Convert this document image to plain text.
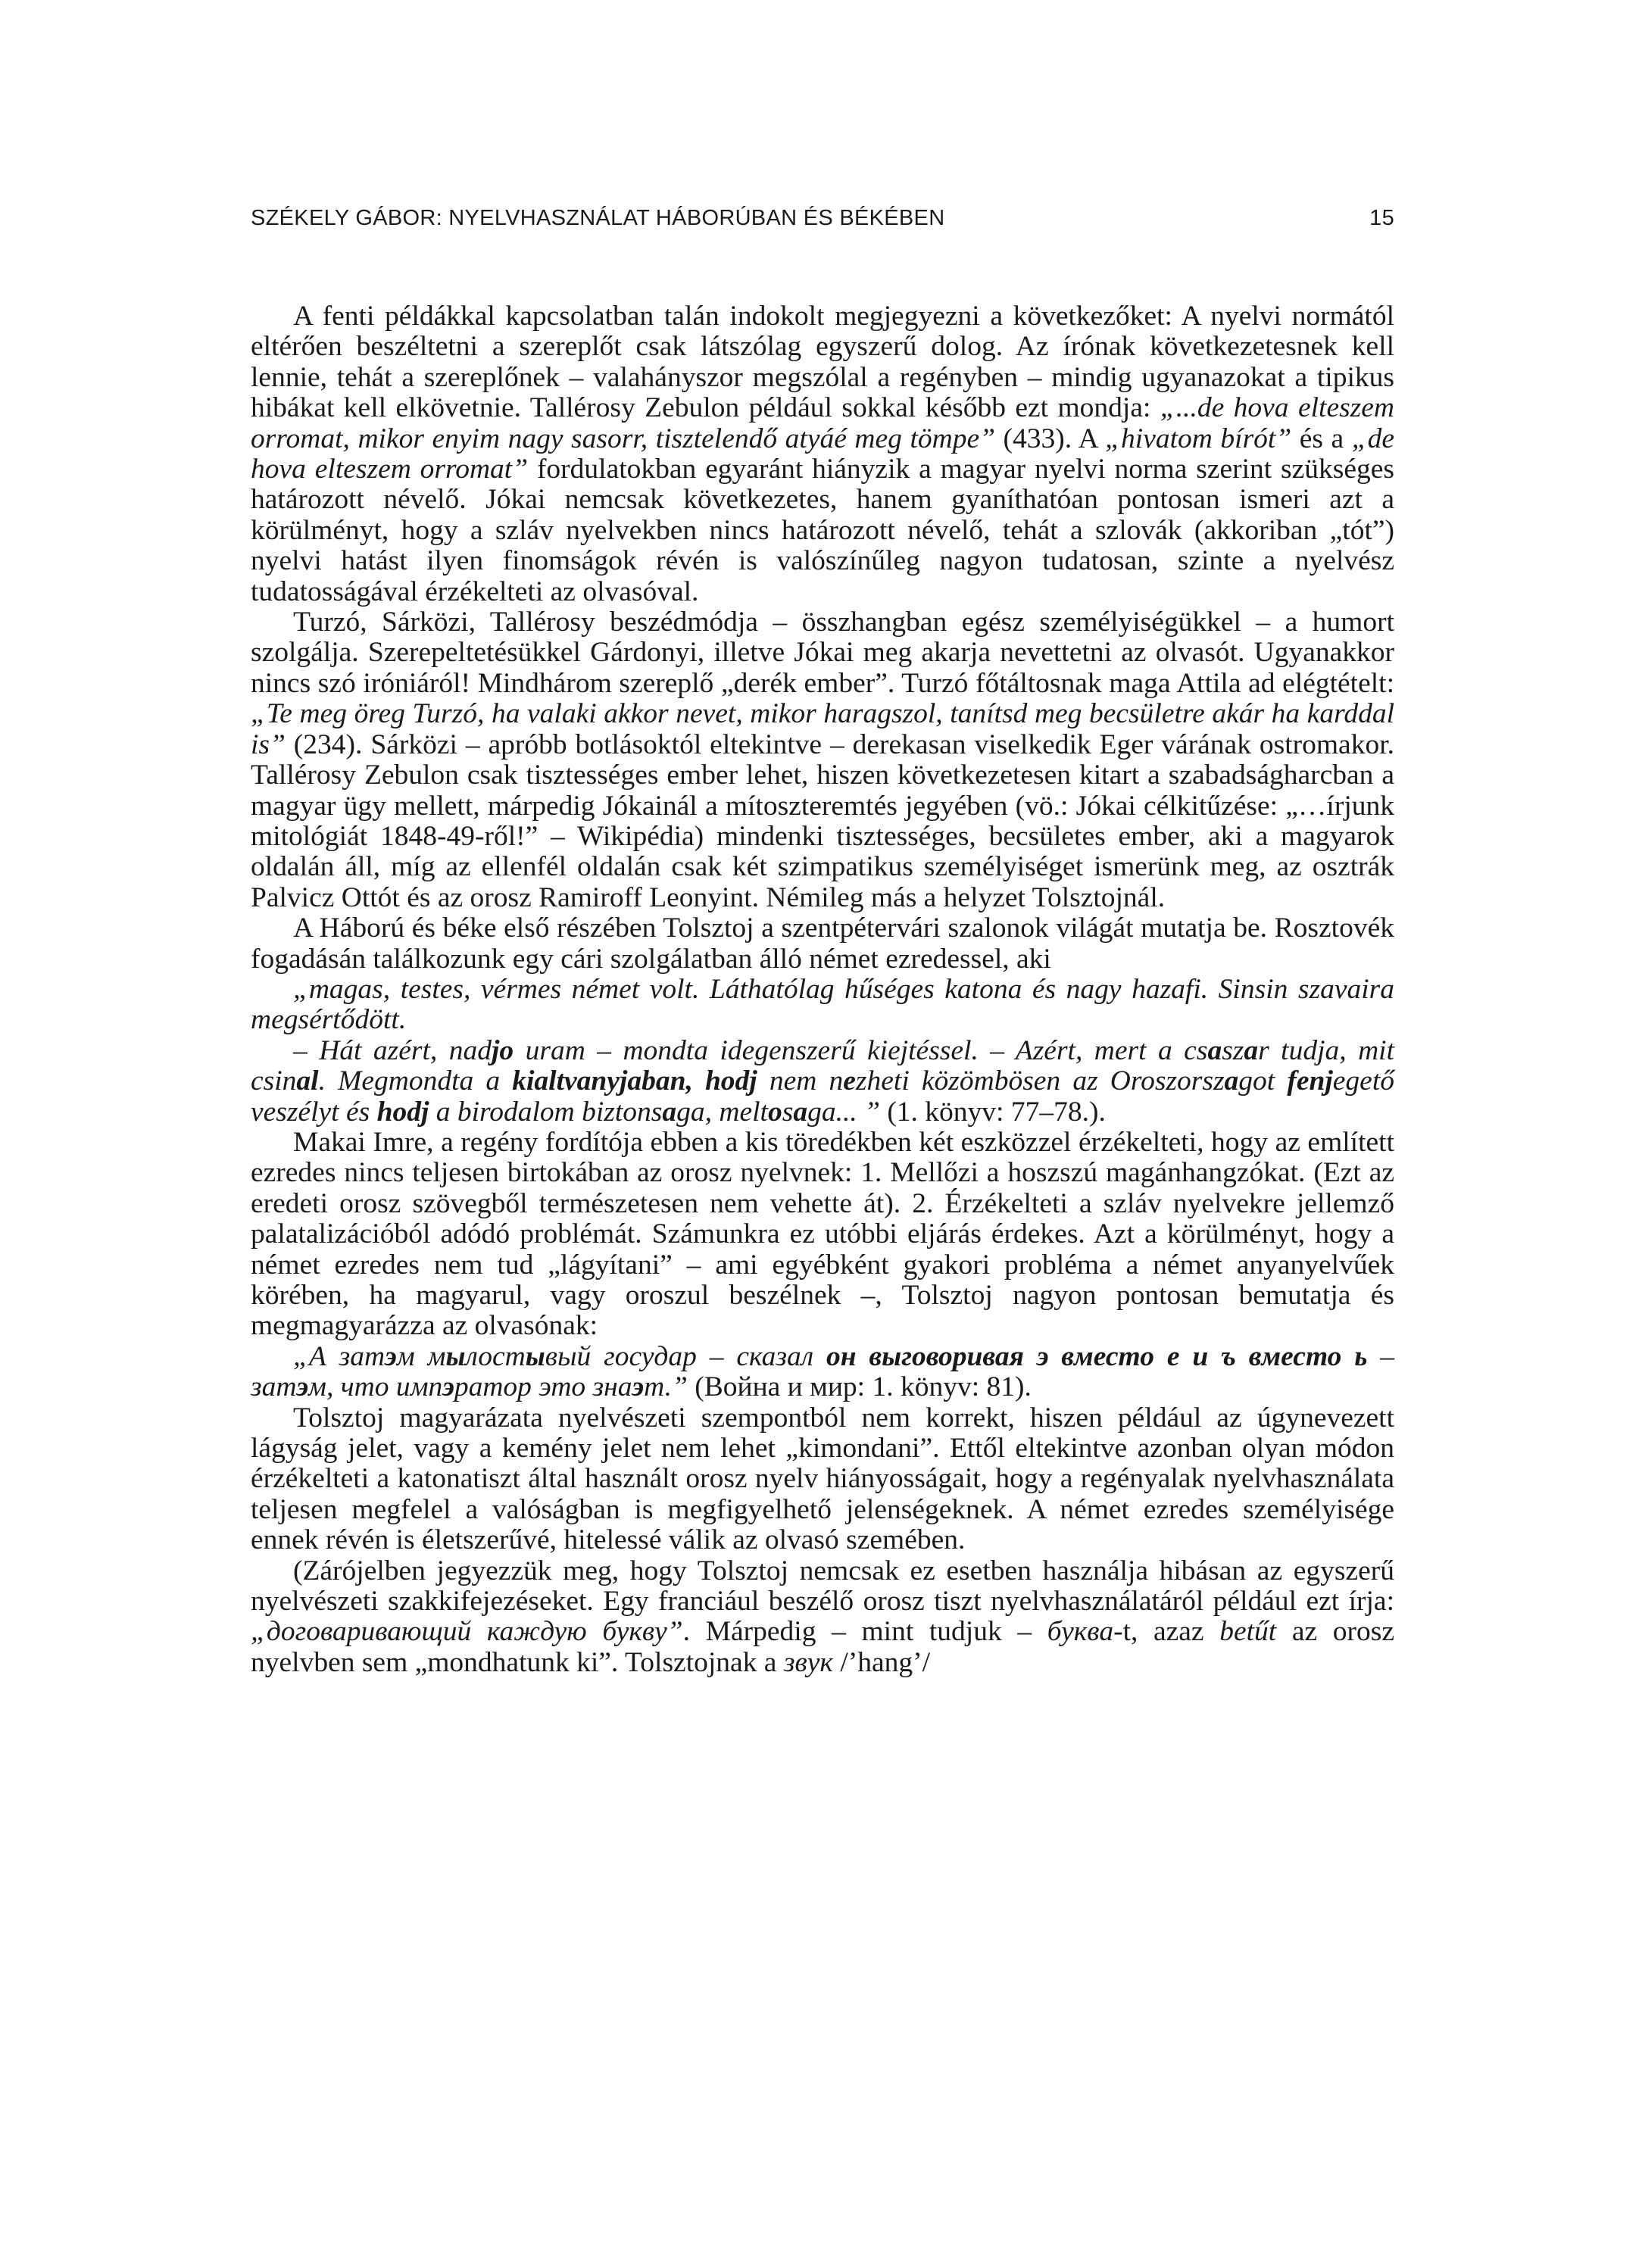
SZÉKELY GÁBOR: NYELVHASZNÁLAT HÁBORÚBAN ÉS BÉKÉBEN	15

A fenti példákkal kapcsolatban talán indokolt megjegyezni a következőket: A nyelvi normától eltérően beszéltetni a szereplőt csak látszólag egyszerű dolog. Az írónak következetesnek kell lennie, tehát a szereplőnek – valahányszor megszólal a regényben – mindig ugyanazokat a tipikus hibákat kell elkövetnie. Tallérosy Zebulon például sokkal később ezt mondja: „...de hova elteszem orromat, mikor enyim nagy sasorr, tisztelendő atyáé meg tömpe” (433). A „hivatom bírót” és a „de hova elteszem orromat” fordulatokban egyaránt hiányzik a magyar nyelvi norma szerint szükséges határozott névelő. Jókai nemcsak következetes, hanem gyaníthatóan pontosan ismeri azt a körülményt, hogy a szláv nyelvekben nincs határozott névelő, tehát a szlovák (akkoriban „tót”) nyelvi hatást ilyen finomságok révén is valószínűleg nagyon tudatosan, szinte a nyelvész tudatosságával érzékelteti az olvasóval.

Turzó, Sárközi, Tallérosy beszédmódja – összhangban egész személyiségükkel – a humort szolgálja. Szerepeltetésükkel Gárdonyi, illetve Jókai meg akarja nevettetni az olvasót. Ugyanakkor nincs szó iróniáról! Mindhárom szereplő „derék ember”. Turzó főtáltosnak maga Attila ad elégtételt: „Te meg öreg Turzó, ha valaki akkor nevet, mikor haragszol, tanítsd meg becsületre akár ha karddal is” (234). Sárközi – apróbb botlásoktól eltekintve – derekasan viselkedik Eger várának ostromakor. Tallérosy Zebulon csak tisztességes ember lehet, hiszen következetesen kitart a szabadságharcban a magyar ügy mellett, márpedig Jókainál a mítoszteremtés jegyében (vö.: Jókai célkitűzése: „…írjunk mitológiát 1848-49-ről!” – Wikipédia) mindenki tisztességes, becsületes ember, aki a magyarok oldalán áll, míg az ellenfél oldalán csak két szimpatikus személyiséget ismerünk meg, az osztrák Palvicz Ottót és az orosz Ramiroff Leonyint. Némileg más a helyzet Tolsztojnál.

A Háború és béke első részében Tolsztoj a szentpétervári szalonok világát mutatja be. Rosztovék fogadásán találkozunk egy cári szolgálatban álló német ezredessel, aki

„magas, testes, vérmes német volt. Láthatólag hűséges katona és nagy hazafi. Sinsin szavaira megsértődött.

– Hát azért, nadjo uram – mondta idegenszerű kiejtéssel. – Azért, mert a csaszar tudja, mit csinal. Megmondta a kialtvanyjaban, hodj nem nezheti közömbösen az Oroszorszagot fenjegető veszélyt és hodj a birodalom biztonsaga, meltosaga... ” (1. könyv: 77–78.).

Makai Imre, a regény fordítója ebben a kis töredékben két eszközzel érzékelteti, hogy az említett ezredes nincs teljesen birtokában az orosz nyelvnek: 1. Mellőzi a hoszszú magánhangzókat. (Ezt az eredeti orosz szövegből természetesen nem vehette át). 2. Érzékelteti a szláv nyelvekre jellemző palatalizációból adódó problémát. Számunkra ez utóbbi eljárás érdekes. Azt a körülményt, hogy a német ezredes nem tud „lágyítani” – ami egyébként gyakori probléma a német anyanyelvűek körében, ha magyarul, vagy oroszul beszélnek –, Tolsztoj nagyon pontosan bemutatja és megmagyarázza az olvasónak:

„А затэм мылостывый государ – сказал он выговоривая э вместо е и ъ вместо ь – затэм, что импэратор это знаэт.” (Война и мир: 1. könyv: 81).

Tolsztoj magyarázata nyelvészeti szempontból nem korrekt, hiszen például az úgynevezett lágyság jelet, vagy a kemény jelet nem lehet „kimondani”. Ettől eltekintve azonban olyan módon érzékelteti a katonatiszt által használt orosz nyelv hiányosságait, hogy a regényalak nyelvhasználata teljesen megfelel a valóságban is megfigyelhető jelenségeknek. A német ezredes személyisége ennek révén is életszerűvé, hitelessé válik az olvasó szemében.

(Zárójelben jegyezzük meg, hogy Tolsztoj nemcsak ez esetben használja hibásan az egyszerű nyelvészeti szakkifejezéseket. Egy franciául beszélő orosz tiszt nyelvhasználatáról például ezt írja: „договаривающий каждую букву”. Márpedig – mint tudjuk – буква-t, azaz betűt az orosz nyelvben sem „mondhatunk ki”. Tolsztojnak a звук /’hang’/
